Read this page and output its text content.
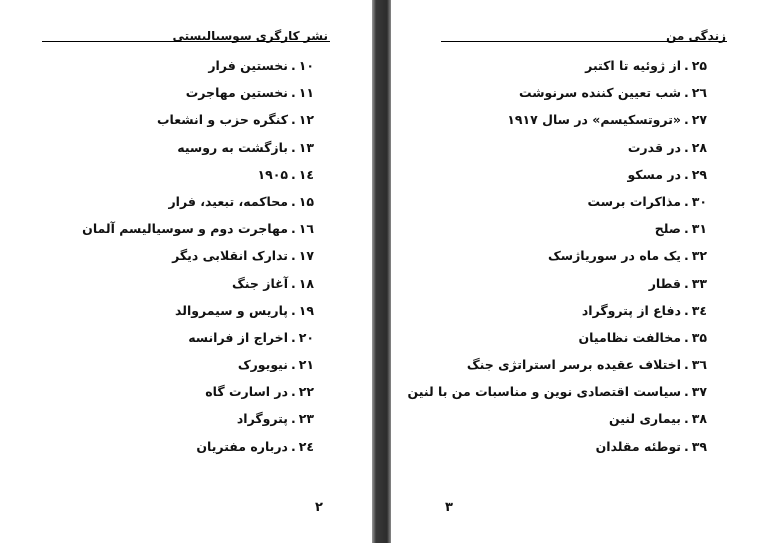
نشر کارگری سوسیالیستی
۱۰.نخستین فرار
۱۱.نخستین مهاجرت
۱۲.کنگره حزب و انشعاب
۱۳.بازگشت به روسیه
۱٤.۱۹۰۵
۱۵.محاکمه، تبعید، فرار
۱٦.مهاجرت دوم و سوسیالیسم آلمان
۱۷.تدارک انقلابی دیگر
۱۸.آغاز جنگ
۱۹.پاریس و سیمروالد
۲۰.اخراج از فرانسه
۲۱.نیویورک
۲۲.در اسارت گاه
۲۳.پتروگراد
۲٤.درباره مفتریان
۲
زندگی من
۲۵.از ژوئیه تا اکتبر
۲٦.شب تعیین کننده سرنوشت
۲۷.«تروتسکیسم» در سال ۱۹۱۷
۲۸.در قدرت
۲۹.در مسکو
۳۰.مذاکرات برست
۳۱.صلح
۳۲.یک ماه در سوریاژسک
۳۳.قطار
۳٤.دفاع از پتروگراد
۳۵.مخالفت نظامیان
۳٦.اختلاف عقیده برسر استراتژی جنگ
۳۷.سیاست اقتصادی نوین و مناسبات من با لنین
۳۸.بیماری لنین
۳۹.توطئه مقلدان
۳
